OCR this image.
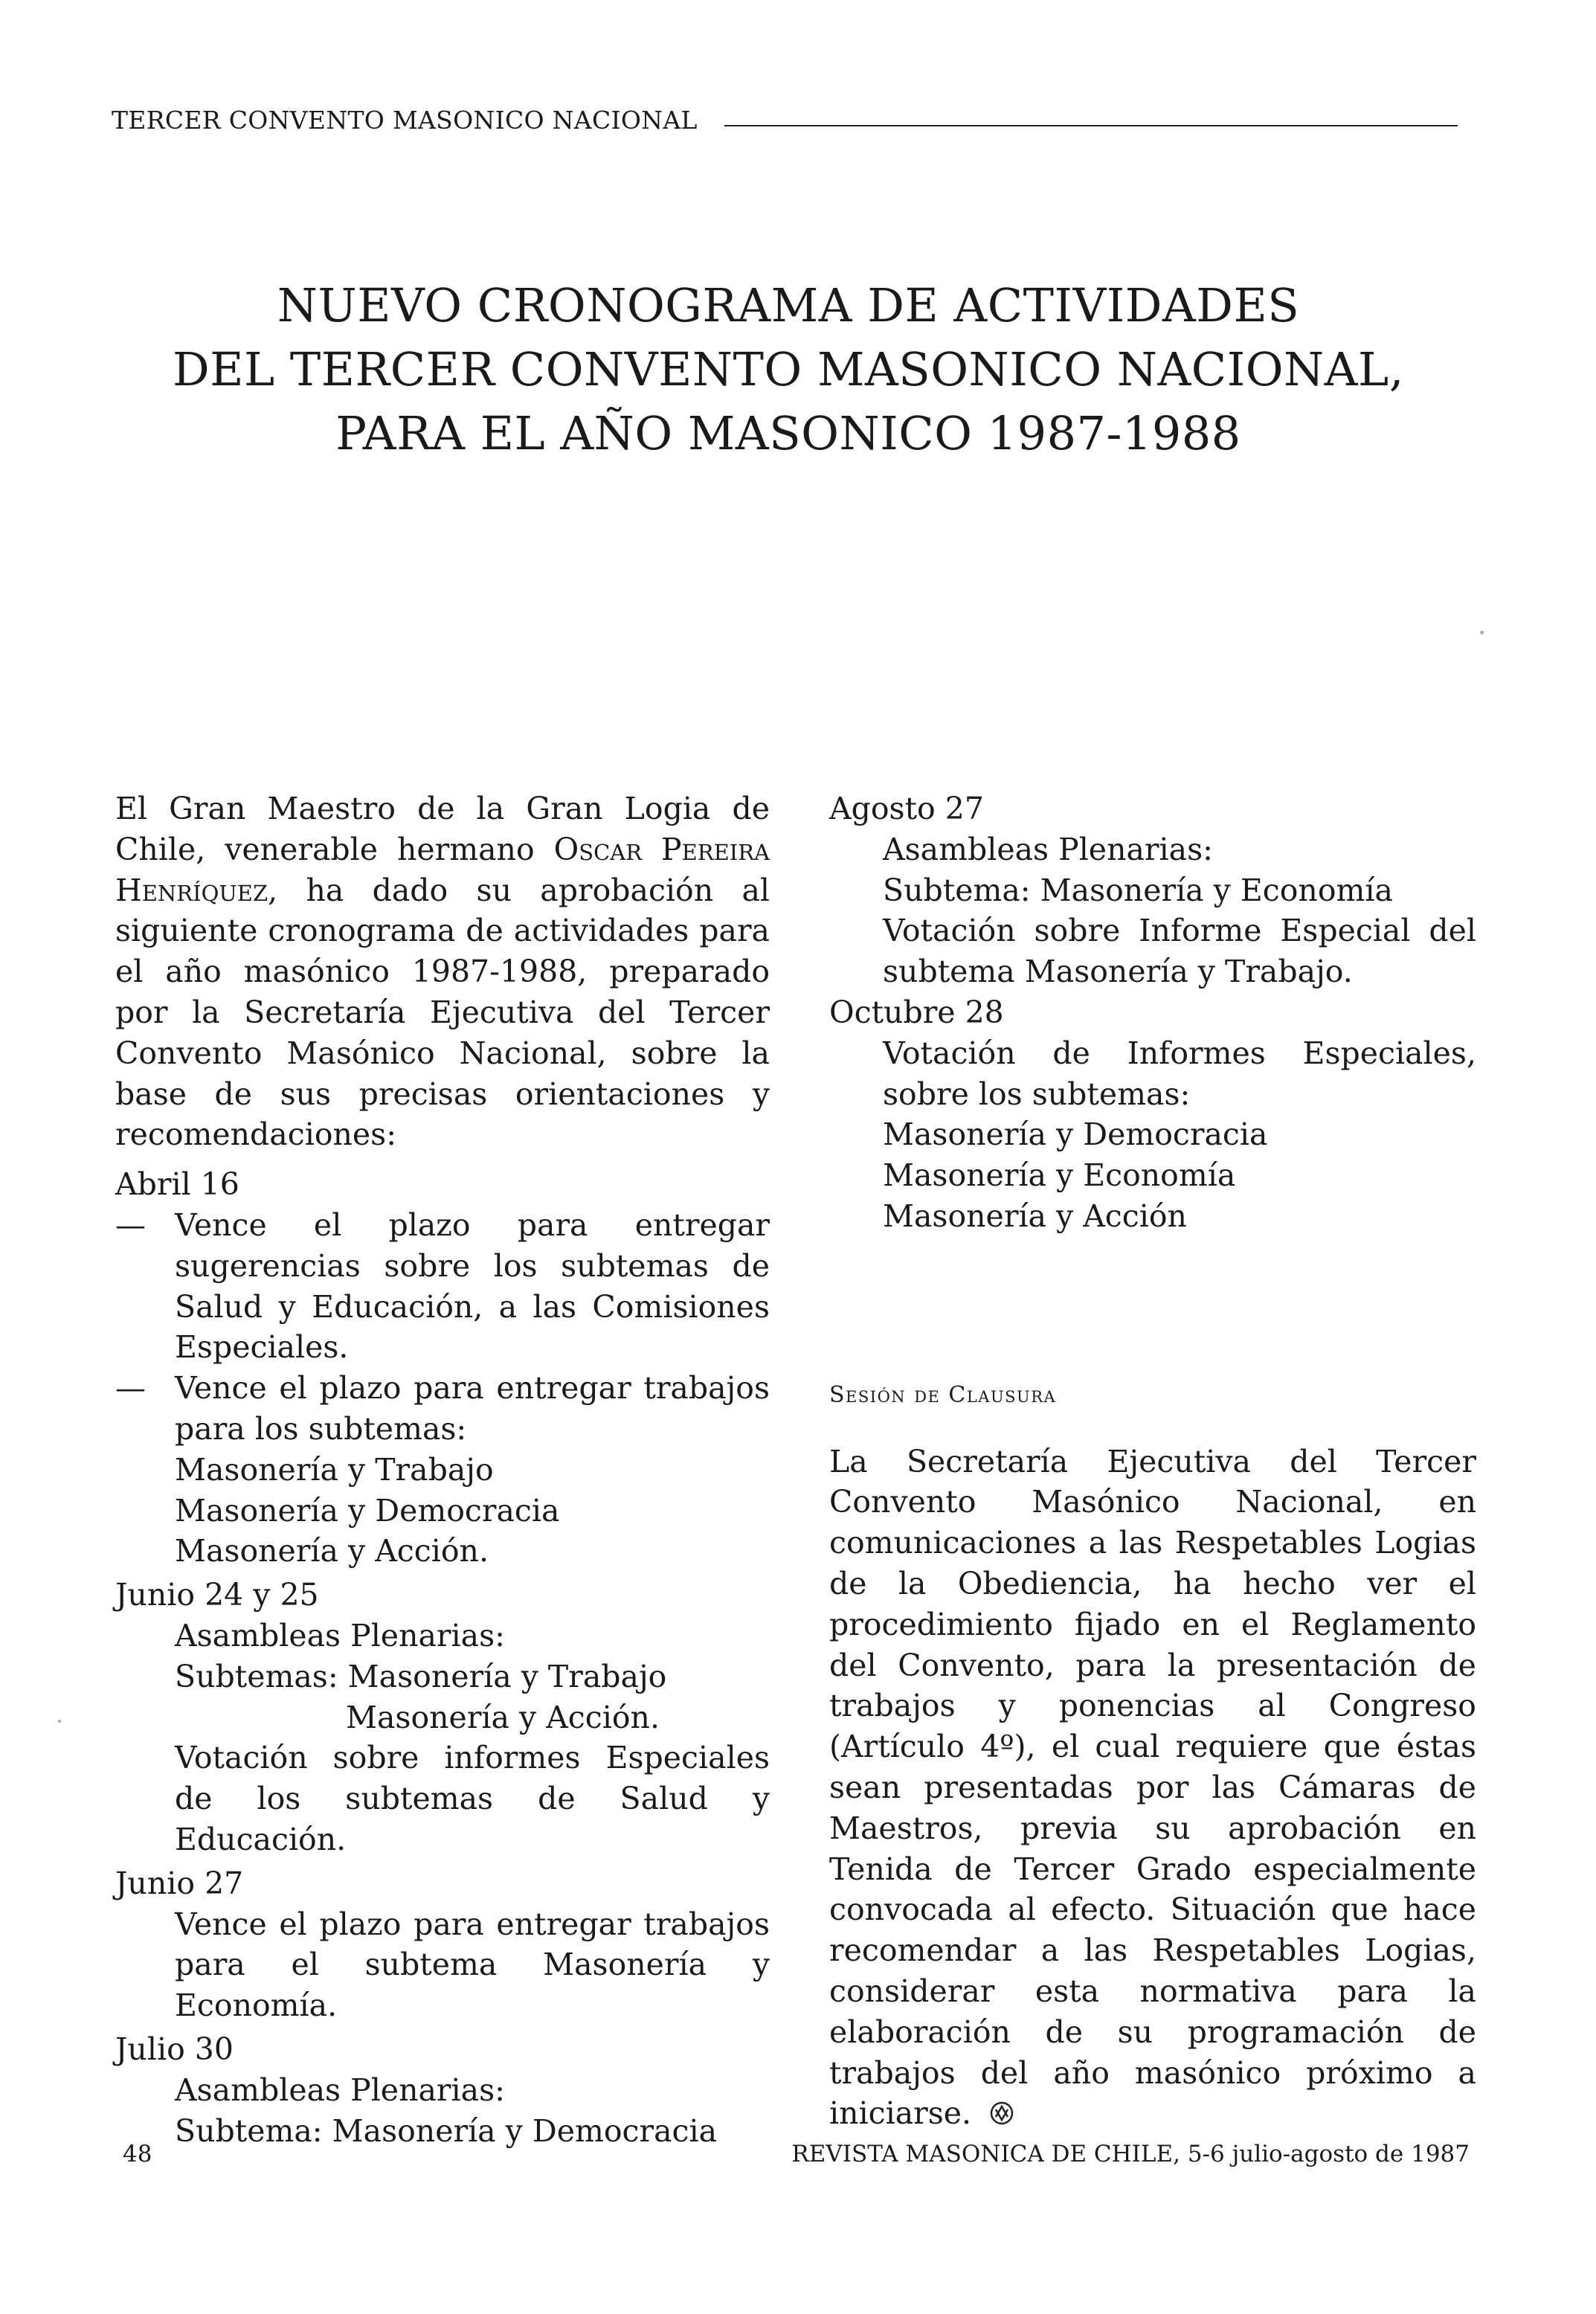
TERCER CONVENTO MASONICO NACIONAL
NUEVO CRONOGRAMA DE ACTIVIDADES
DEL TERCER CONVENTO MASONICO NACIONAL,
PARA EL AÑO MASONICO 1987-1988

El Gran Maestro de la Gran Logia de Chile, venerable hermano Oscar Pereira Henríquez, ha dado su aprobación al siguiente cronograma de actividades para el año masónico 1987-1988, preparado por la Secretaría Ejecutiva del Tercer Convento Masónico Nacional, sobre la base de sus precisas orientaciones y recomendaciones:

Abril 16
— Vence el plazo para entregar sugerencias sobre los subtemas de Salud y Educación, a las Comisiones Especiales.
— Vence el plazo para entregar trabajos para los subtemas:
Masonería y Trabajo
Masonería y Democracia
Masonería y Acción.
Junio 24 y 25
Asambleas Plenarias:
Subtemas: Masonería y Trabajo
Masonería y Acción.
Votación sobre informes Especiales de los subtemas de Salud y Educación.
Junio 27
Vence el plazo para entregar trabajos para el subtema Masonería y Economía.
Julio 30
Asambleas Plenarias:
Subtema: Masonería y Democracia
Agosto 27
Asambleas Plenarias:
Subtema: Masonería y Economía
Votación sobre Informe Especial del subtema Masonería y Trabajo.
Octubre 28
Votación de Informes Especiales, sobre los subtemas:
Masonería y Democracia
Masonería y Economía
Masonería y Acción
Sesión de Clausura

La Secretaría Ejecutiva del Tercer Convento Masónico Nacional, en comunicaciones a las Respetables Logias de la Obediencia, ha hecho ver el procedimiento fijado en el Reglamento del Convento, para la presentación de trabajos y ponencias al Congreso (Artículo 4º), el cual requiere que éstas sean presentadas por las Cámaras de Maestros, previa su aprobación en Tenida de Tercer Grado especialmente convocada al efecto. Situación que hace recomendar a las Respetables Logias, considerar esta normativa para la elaboración de su programación de trabajos del año masónico próximo a iniciarse.

48	REVISTA MASONICA DE CHILE, 5-6 julio-agosto de 1987
